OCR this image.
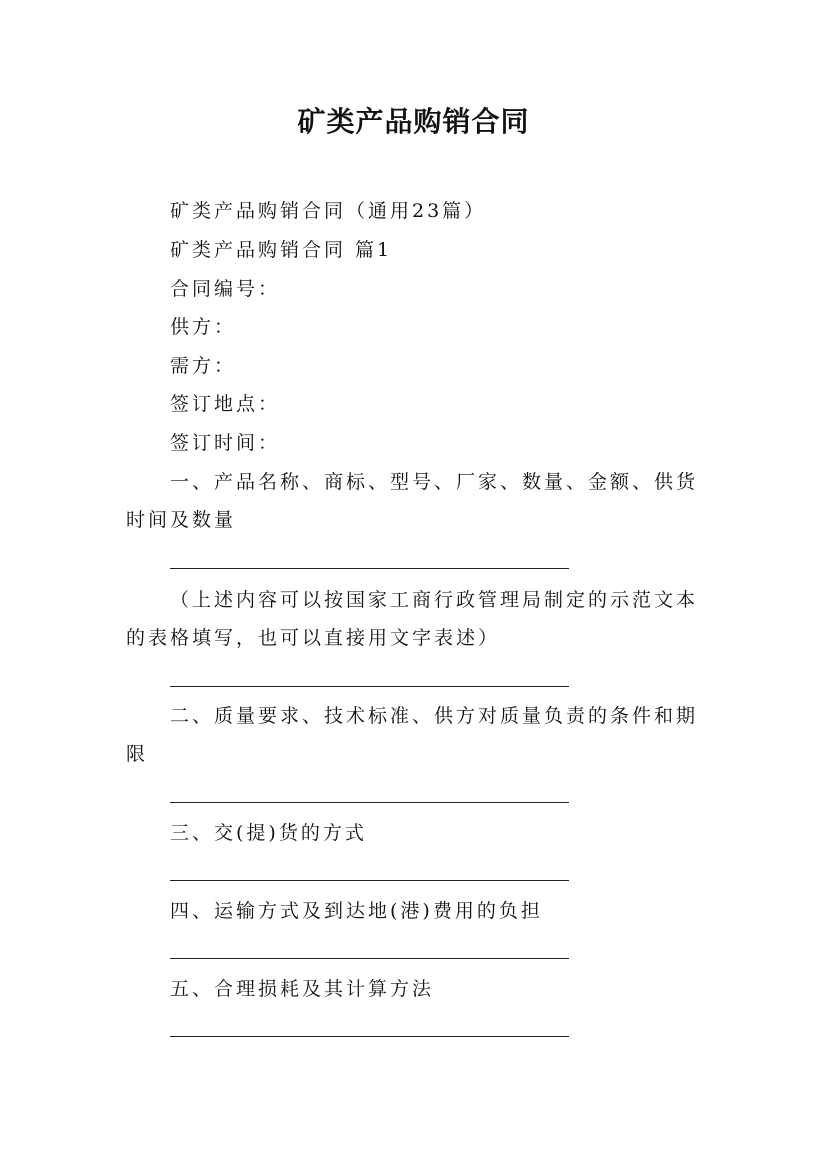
矿类产品购销合同
矿类产品购销合同（通用23篇）
矿类产品购销合同 篇1
合同编号：
供方：
需方：
签订地点：
签订时间：
一、产品名称、商标、型号、厂家、数量、金额、供货时间及数量
（上述内容可以按国家工商行政管理局制定的示范文本的表格填写，也可以直接用文字表述）
二、质量要求、技术标准、供方对质量负责的条件和期限
三、交(提)货的方式
四、运输方式及到达地(港)费用的负担
五、合理损耗及其计算方法
